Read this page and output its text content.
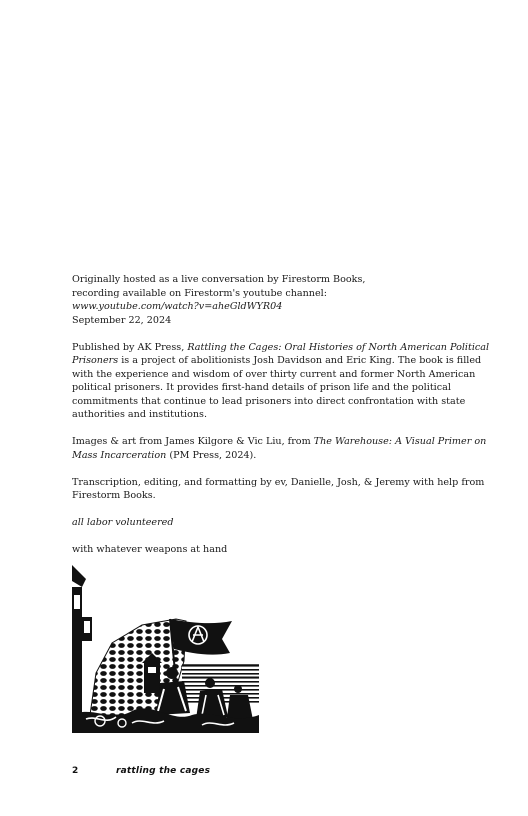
Originally hosted as a live conversation by Firestorm Books,
recording available on Firestorm's youtube channel:
www.youtube.com/watch?v=aheGldWYR04
September 22, 2024

Published by AK Press, Rattling the Cages: Oral Histories of North American Political Prisoners is a project of abolitionists Josh Davidson and Eric King. The book is filled with the experience and wisdom of over thirty current and former North American political prisoners. It provides first-hand details of prison life and the political commitments that continue to lead prisoners into direct confrontation with state authorities and institutions.

Images & art from James Kilgore & Vic Liu, from The Warehouse: A Visual Primer on Mass Incarceration (PM Press, 2024).

Transcription, editing, and formatting by ev, Danielle, Josh, & Jeremy with help from Firestorm Books.

all labor volunteered

with whatever weapons at hand

2	rattling the cages
